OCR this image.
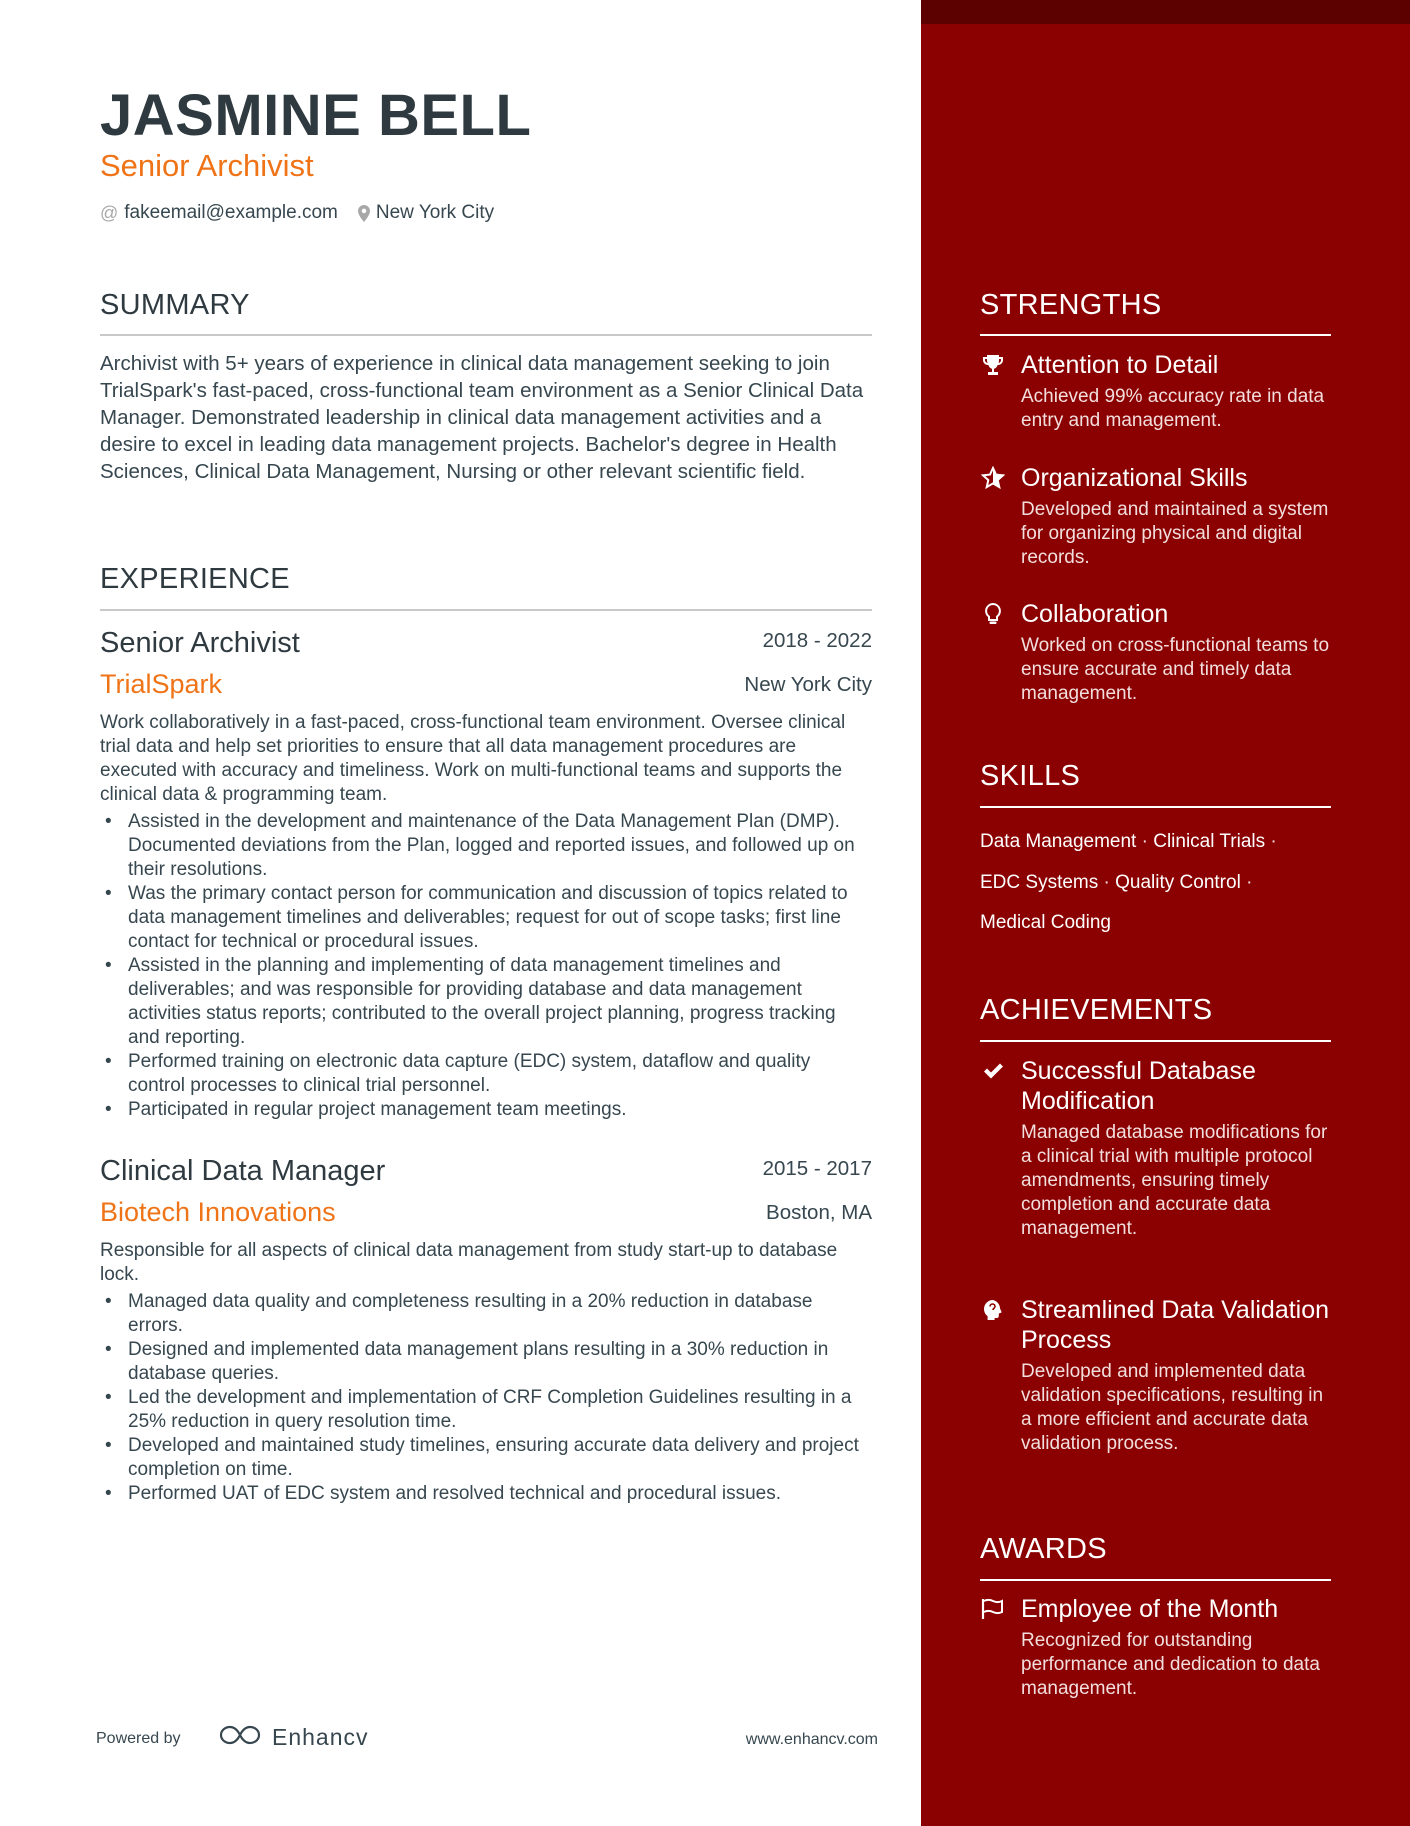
JASMINE BELL
Senior Archivist
@ fakeemail@example.com New York City
SUMMARY
Archivist with 5+ years of experience in clinical data management seeking to join TrialSpark's fast-paced, cross-functional team environment as a Senior Clinical Data Manager. Demonstrated leadership in clinical data management activities and a desire to excel in leading data management projects. Bachelor's degree in Health Sciences, Clinical Data Management, Nursing or other relevant scientific field.
EXPERIENCE
Senior Archivist	2018 - 2022
TrialSpark	New York City
Work collaboratively in a fast-paced, cross-functional team environment. Oversee clinical trial data and help set priorities to ensure that all data management procedures are executed with accuracy and timeliness. Work on multi-functional teams and supports the clinical data & programming team.
• Assisted in the development and maintenance of the Data Management Plan (DMP). Documented deviations from the Plan, logged and reported issues, and followed up on their resolutions.
• Was the primary contact person for communication and discussion of topics related to data management timelines and deliverables; request for out of scope tasks; first line contact for technical or procedural issues.
• Assisted in the planning and implementing of data management timelines and deliverables; and was responsible for providing database and data management activities status reports; contributed to the overall project planning, progress tracking and reporting.
• Performed training on electronic data capture (EDC) system, dataflow and quality control processes to clinical trial personnel.
• Participated in regular project management team meetings.
Clinical Data Manager	2015 - 2017
Biotech Innovations	Boston, MA
Responsible for all aspects of clinical data management from study start-up to database lock.
• Managed data quality and completeness resulting in a 20% reduction in database errors.
• Designed and implemented data management plans resulting in a 30% reduction in database queries.
• Led the development and implementation of CRF Completion Guidelines resulting in a 25% reduction in query resolution time.
• Developed and maintained study timelines, ensuring accurate data delivery and project completion on time.
• Performed UAT of EDC system and resolved technical and procedural issues.
Powered by	Enhancv	www.enhancv.com
STRENGTHS
Attention to Detail
Achieved 99% accuracy rate in data entry and management.
Organizational Skills
Developed and maintained a system for organizing physical and digital records.
Collaboration
Worked on cross-functional teams to ensure accurate and timely data management.
SKILLS
Data Management · Clinical Trials ·
EDC Systems · Quality Control ·
Medical Coding
ACHIEVEMENTS
Successful Database Modification
Managed database modifications for a clinical trial with multiple protocol amendments, ensuring timely completion and accurate data management.
Streamlined Data Validation Process
Developed and implemented data validation specifications, resulting in a more efficient and accurate data validation process.
AWARDS
Employee of the Month
Recognized for outstanding performance and dedication to data management.
